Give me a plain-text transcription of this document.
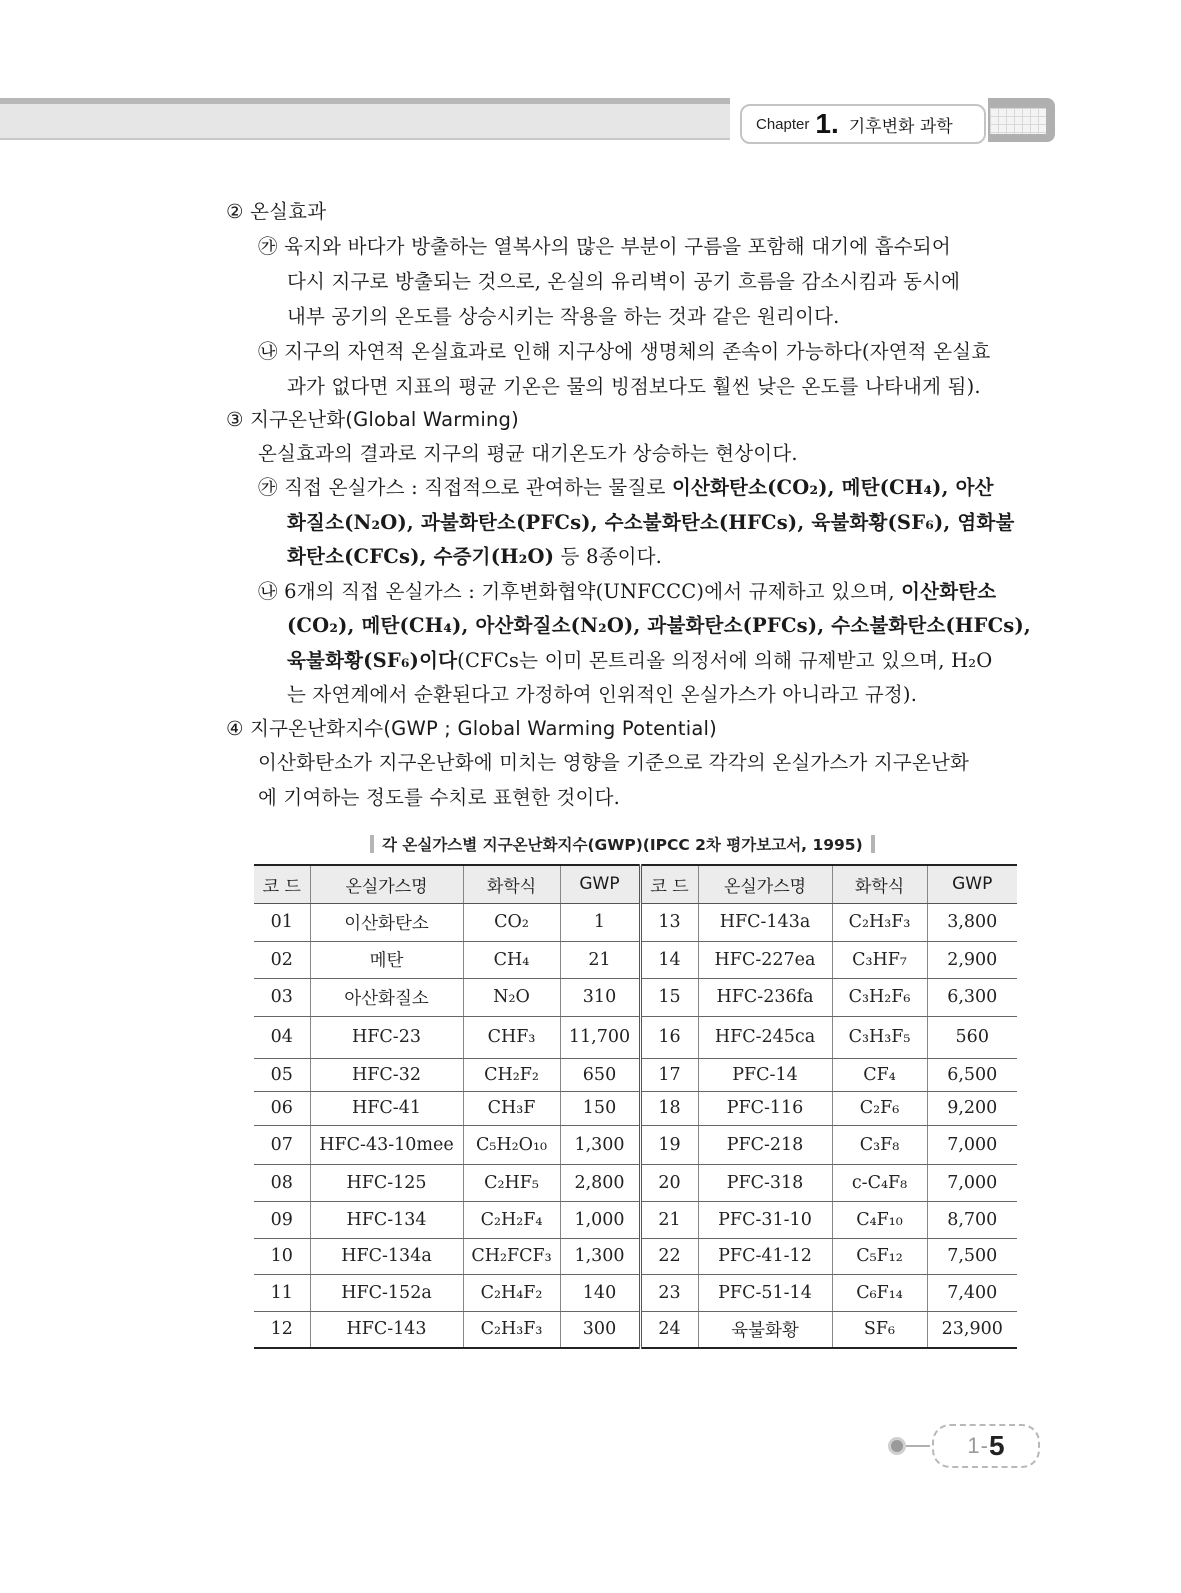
Chapter 1. 기후변화 과학
② 온실효과
㉮ 육지와 바다가 방출하는 열복사의 많은 부분이 구름을 포함해 대기에 흡수되어
다시 지구로 방출되는 것으로, 온실의 유리벽이 공기 흐름을 감소시킴과 동시에
내부 공기의 온도를 상승시키는 작용을 하는 것과 같은 원리이다.
㉯ 지구의 자연적 온실효과로 인해 지구상에 생명체의 존속이 가능하다(자연적 온실효
과가 없다면 지표의 평균 기온은 물의 빙점보다도 훨씬 낮은 온도를 나타내게 됨).
③ 지구온난화(Global Warming)
온실효과의 결과로 지구의 평균 대기온도가 상승하는 현상이다.
㉮ 직접 온실가스 : 직접적으로 관여하는 물질로 이산화탄소(CO₂), 메탄(CH₄), 아산
화질소(N₂O), 과불화탄소(PFCs), 수소불화탄소(HFCs), 육불화황(SF₆), 염화불
화탄소(CFCs), 수증기(H₂O) 등 8종이다.
㉯ 6개의 직접 온실가스 : 기후변화협약(UNFCCC)에서 규제하고 있으며, 이산화탄소
(CO₂), 메탄(CH₄), 아산화질소(N₂O), 과불화탄소(PFCs), 수소불화탄소(HFCs),
육불화황(SF₆)이다(CFCs는 이미 몬트리올 의정서에 의해 규제받고 있으며, H₂O
는 자연계에서 순환된다고 가정하여 인위적인 온실가스가 아니라고 규정).
④ 지구온난화지수(GWP ; Global Warming Potential)
이산화탄소가 지구온난화에 미치는 영향을 기준으로 각각의 온실가스가 지구온난화
에 기여하는 정도를 수치로 표현한 것이다.
각 온실가스별 지구온난화지수(GWP)(IPCC 2차 평가보고서, 1995)
코 드	온실가스명	화학식	GWP	코 드	온실가스명	화학식	GWP
01	이산화탄소	CO₂	1	13	HFC-143a	C₂H₃F₃	3,800
02	메탄	CH₄	21	14	HFC-227ea	C₃HF₇	2,900
03	아산화질소	N₂O	310	15	HFC-236fa	C₃H₂F₆	6,300
04	HFC-23	CHF₃	11,700	16	HFC-245ca	C₃H₃F₅	560
05	HFC-32	CH₂F₂	650	17	PFC-14	CF₄	6,500
06	HFC-41	CH₃F	150	18	PFC-116	C₂F₆	9,200
07	HFC-43-10mee	C₅H₂O₁₀	1,300	19	PFC-218	C₃F₈	7,000
08	HFC-125	C₂HF₅	2,800	20	PFC-318	c-C₄F₈	7,000
09	HFC-134	C₂H₂F₄	1,000	21	PFC-31-10	C₄F₁₀	8,700
10	HFC-134a	CH₂FCF₃	1,300	22	PFC-41-12	C₅F₁₂	7,500
11	HFC-152a	C₂H₄F₂	140	23	PFC-51-14	C₆F₁₄	7,400
12	HFC-143	C₂H₃F₃	300	24	육불화황	SF₆	23,900
1 - 5
